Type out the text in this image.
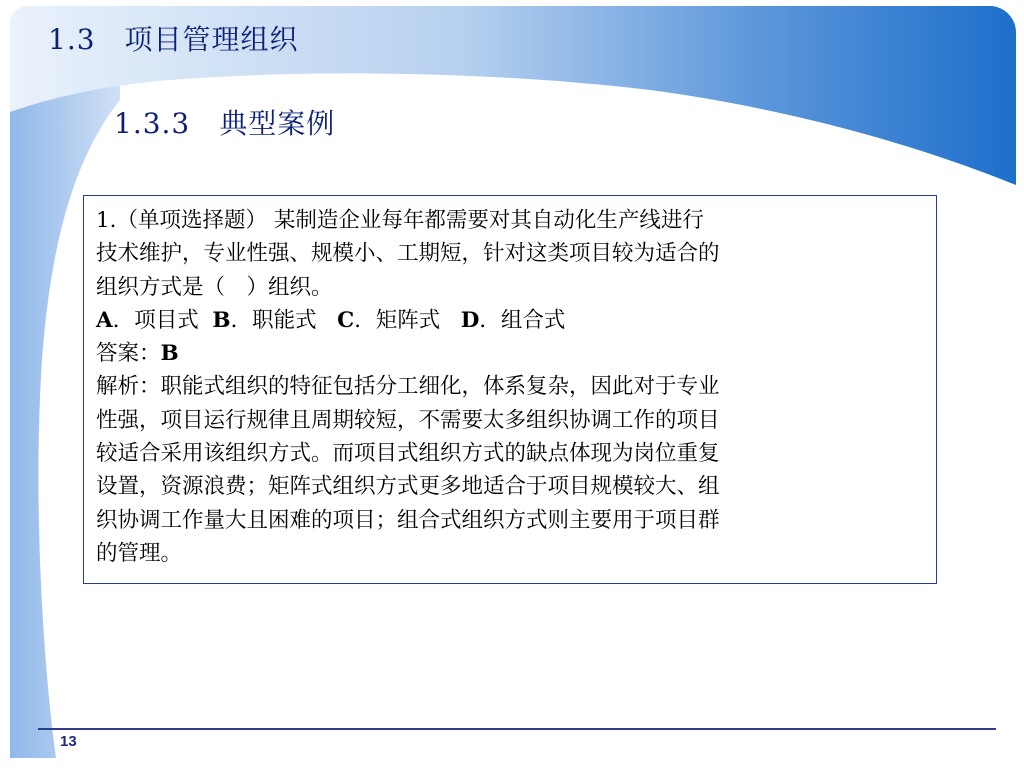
1.3　项目管理组织
1.3.3　典型案例
1.（单项选择题） 某制造企业每年都需要对其自动化生产线进行
技术维护，专业性强、规模小、工期短，针对这类项目较为适合的
组织方式是（　）组织。
A．项目式 B．职能式 C．矩阵式 D．组合式
答案：B
解析：职能式组织的特征包括分工细化，体系复杂，因此对于专业
性强，项目运行规律且周期较短，不需要太多组织协调工作的项目
较适合采用该组织方式。而项目式组织方式的缺点体现为岗位重复
设置，资源浪费；矩阵式组织方式更多地适合于项目规模较大、组
织协调工作量大且困难的项目；组合式组织方式则主要用于项目群
的管理。
13
